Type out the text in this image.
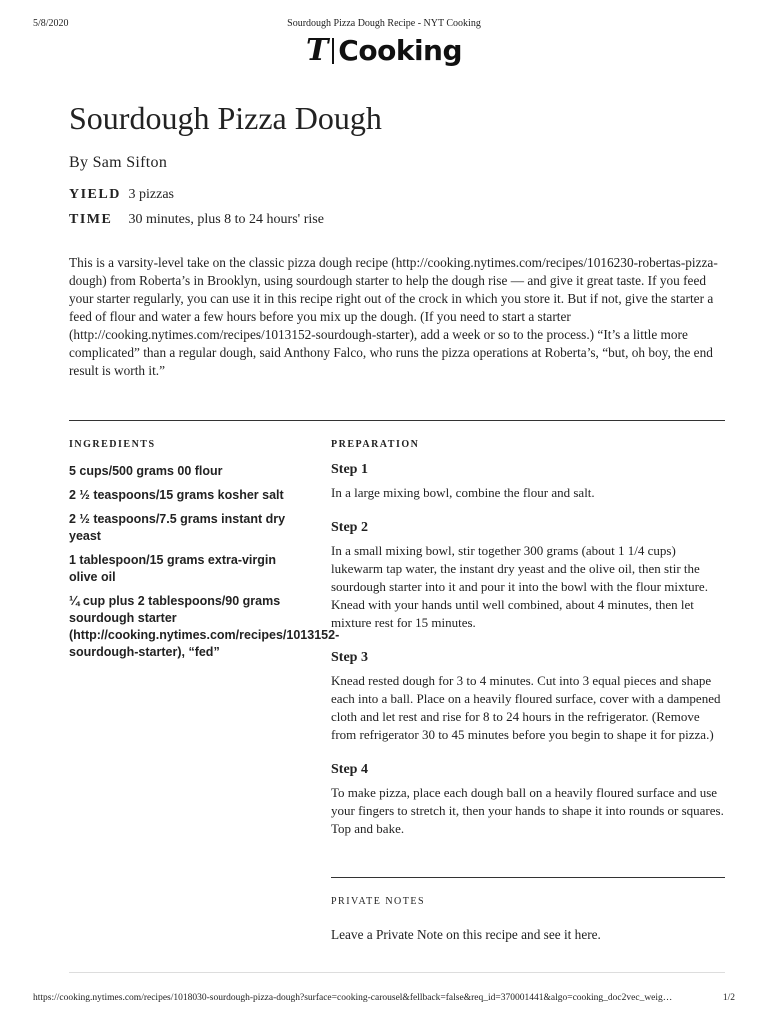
5/8/2020	Sourdough Pizza Dough Recipe - NYT Cooking
T Cooking
Sourdough Pizza Dough
By Sam Sifton
YIELD 3 pizzas
TIME 30 minutes, plus 8 to 24 hours' rise

This is a varsity-level take on the classic pizza dough recipe (http://cooking.nytimes.com/recipes/1016230-robertas-pizza-dough) from Roberta’s in Brooklyn, using sourdough starter to help the dough rise — and give it great taste. If you feed your starter regularly, you can use it in this recipe right out of the crock in which you store it. But if not, give the starter a feed of flour and water a few hours before you mix up the dough. (If you need to start a starter (http://cooking.nytimes.com/recipes/1013152-sourdough-starter), add a week or so to the process.) “It’s a little more complicated” than a regular dough, said Anthony Falco, who runs the pizza operations at Roberta’s, “but, oh boy, the end result is worth it.”

INGREDIENTS
5 cups/500 grams 00 flour
2 ½ teaspoons/15 grams kosher salt
2 ½ teaspoons/7.5 grams instant dry yeast
1 tablespoon/15 grams extra-virgin olive oil
¼ cup plus 2 tablespoons/90 grams sourdough starter (http://cooking.nytimes.com/recipes/1013152-sourdough-starter), “fed”
PREPARATION
Step 1

In a large mixing bowl, combine the flour and salt.

Step 2

In a small mixing bowl, stir together 300 grams (about 1 1/4 cups) lukewarm tap water, the instant dry yeast and the olive oil, then stir the sourdough starter into it and pour it into the bowl with the flour mixture. Knead with your hands until well combined, about 4 minutes, then let mixture rest for 15 minutes.

Step 3

Knead rested dough for 3 to 4 minutes. Cut into 3 equal pieces and shape each into a ball. Place on a heavily floured surface, cover with a dampened cloth and let rest and rise for 8 to 24 hours in the refrigerator. (Remove from refrigerator 30 to 45 minutes before you begin to shape it for pizza.)

Step 4

To make pizza, place each dough ball on a heavily floured surface and use your fingers to stretch it, then your hands to shape it into rounds or squares. Top and bake.

PRIVATE NOTES
Leave a Private Note on this recipe and see it here.
https://cooking.nytimes.com/recipes/1018030-sourdough-pizza-dough?surface=cooking-carousel&fellback=false&req_id=370001441&algo=cooking_doc2vec_weig…	1/2
